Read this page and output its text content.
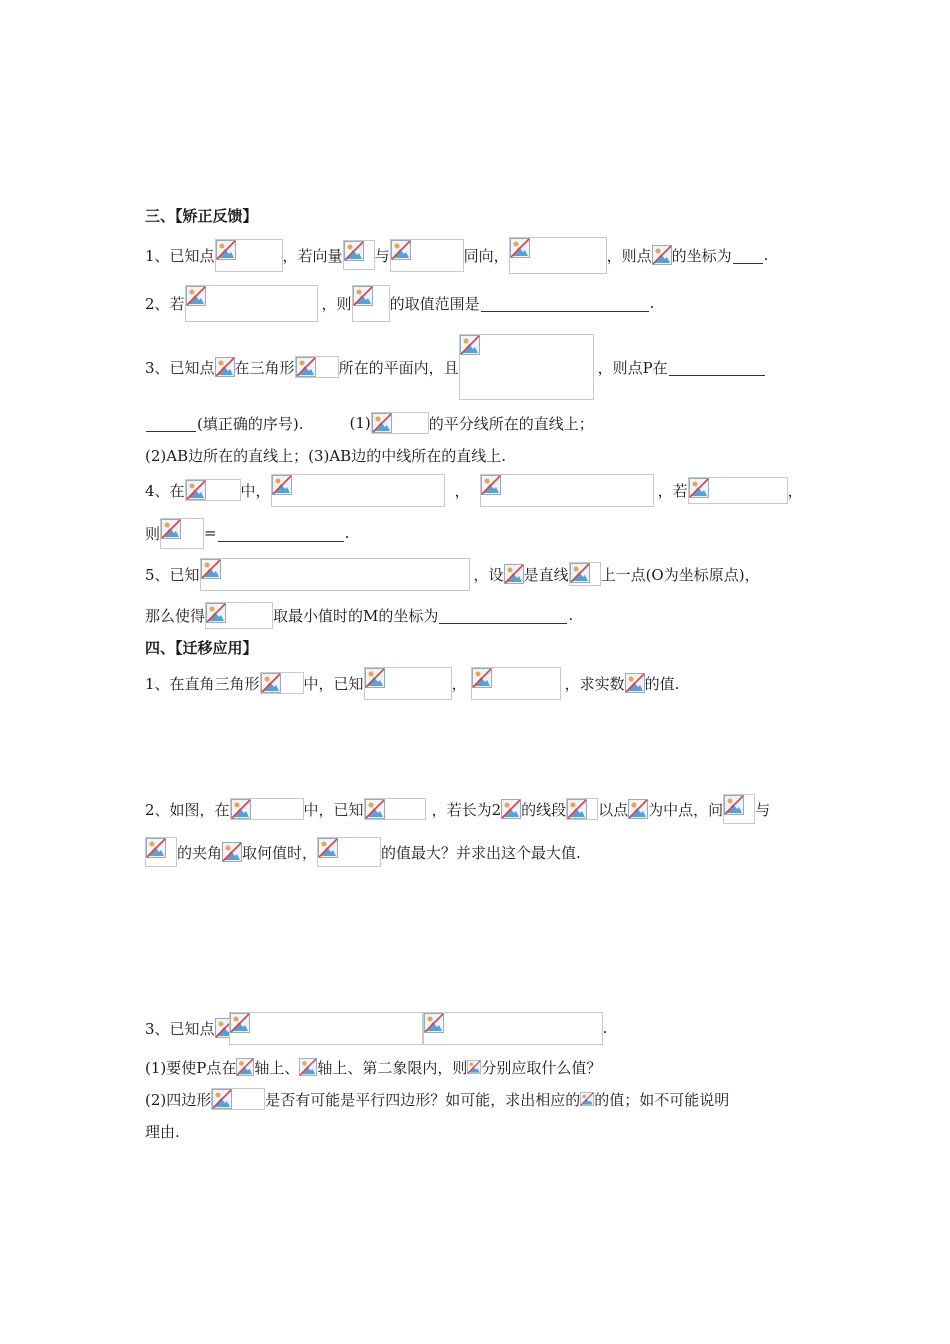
三、【矫正反馈】
1、已知点	，若向量 与	同向，	，则点 的坐标为 .
2、若	，则	的取值范围是	.
3、已知点 在三角形	所在的平面内，且	，则点P在
(填正确的序号).	(1)	的平分线所在的直线上；
(2)AB边所在的直线上；(3)AB边的中线所在的直线上.
4、在	中，	，	，若	，
则	=	.
5、已知	，设 是直线 上一点(O为坐标原点)，
那么使得	取最小值时的M的坐标为	.
四、【迁移应用】
1、在直角三角形	中，已知	，	，求实数 的值.
2、如图，在	中，已知	，若长为2 的线段 以点 为中点，问 与
的夹角 取何值时，	的值最大？并求出这个最大值.
3、已知点	.
(1)要使P点在 轴上、 轴上、第二象限内，则 分别应取什么值？
(2)四边形	是否有可能是平行四边形？如可能，求出相应的 的值；如不可能说明
理由.
